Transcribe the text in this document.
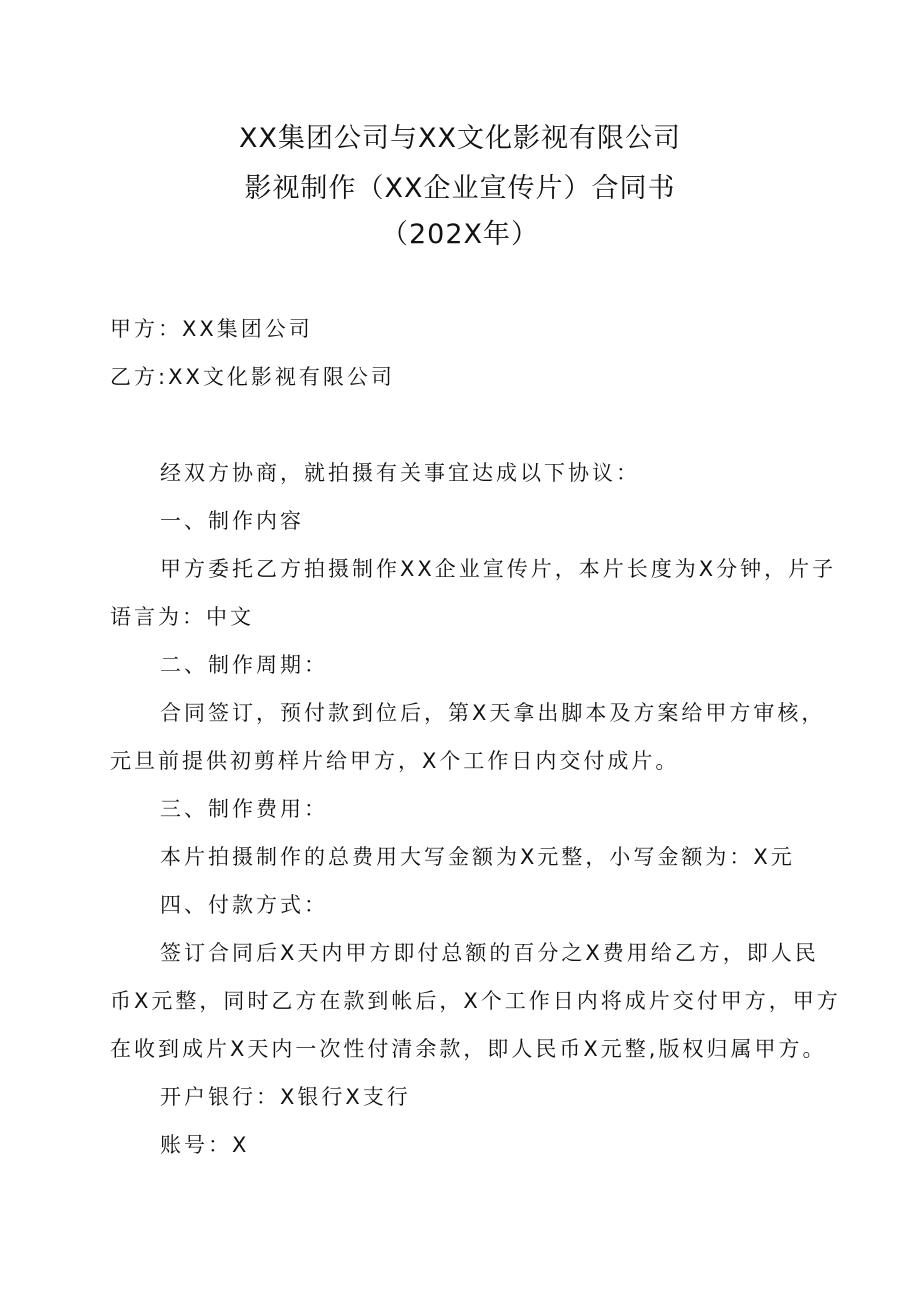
XX集团公司与XX文化影视有限公司
影视制作（XX企业宣传片）合同书
（202X年）
甲方：XX集团公司
乙方:XX文化影视有限公司
经双方协商，就拍摄有关事宜达成以下协议：
一、制作内容
甲方委托乙方拍摄制作XX企业宣传片，本片长度为X分钟，片子
语言为：中文
二、制作周期：
合同签订，预付款到位后，第X天拿出脚本及方案给甲方审核，
元旦前提供初剪样片给甲方，X个工作日内交付成片。
三、制作费用：
本片拍摄制作的总费用大写金额为X元整，小写金额为：X元
四、付款方式：
签订合同后X天内甲方即付总额的百分之X费用给乙方，即人民
币X元整，同时乙方在款到帐后，X个工作日内将成片交付甲方，甲方
在收到成片X天内一次性付清余款，即人民币X元整,版权归属甲方。
开户银行：X银行X支行
账号：X
